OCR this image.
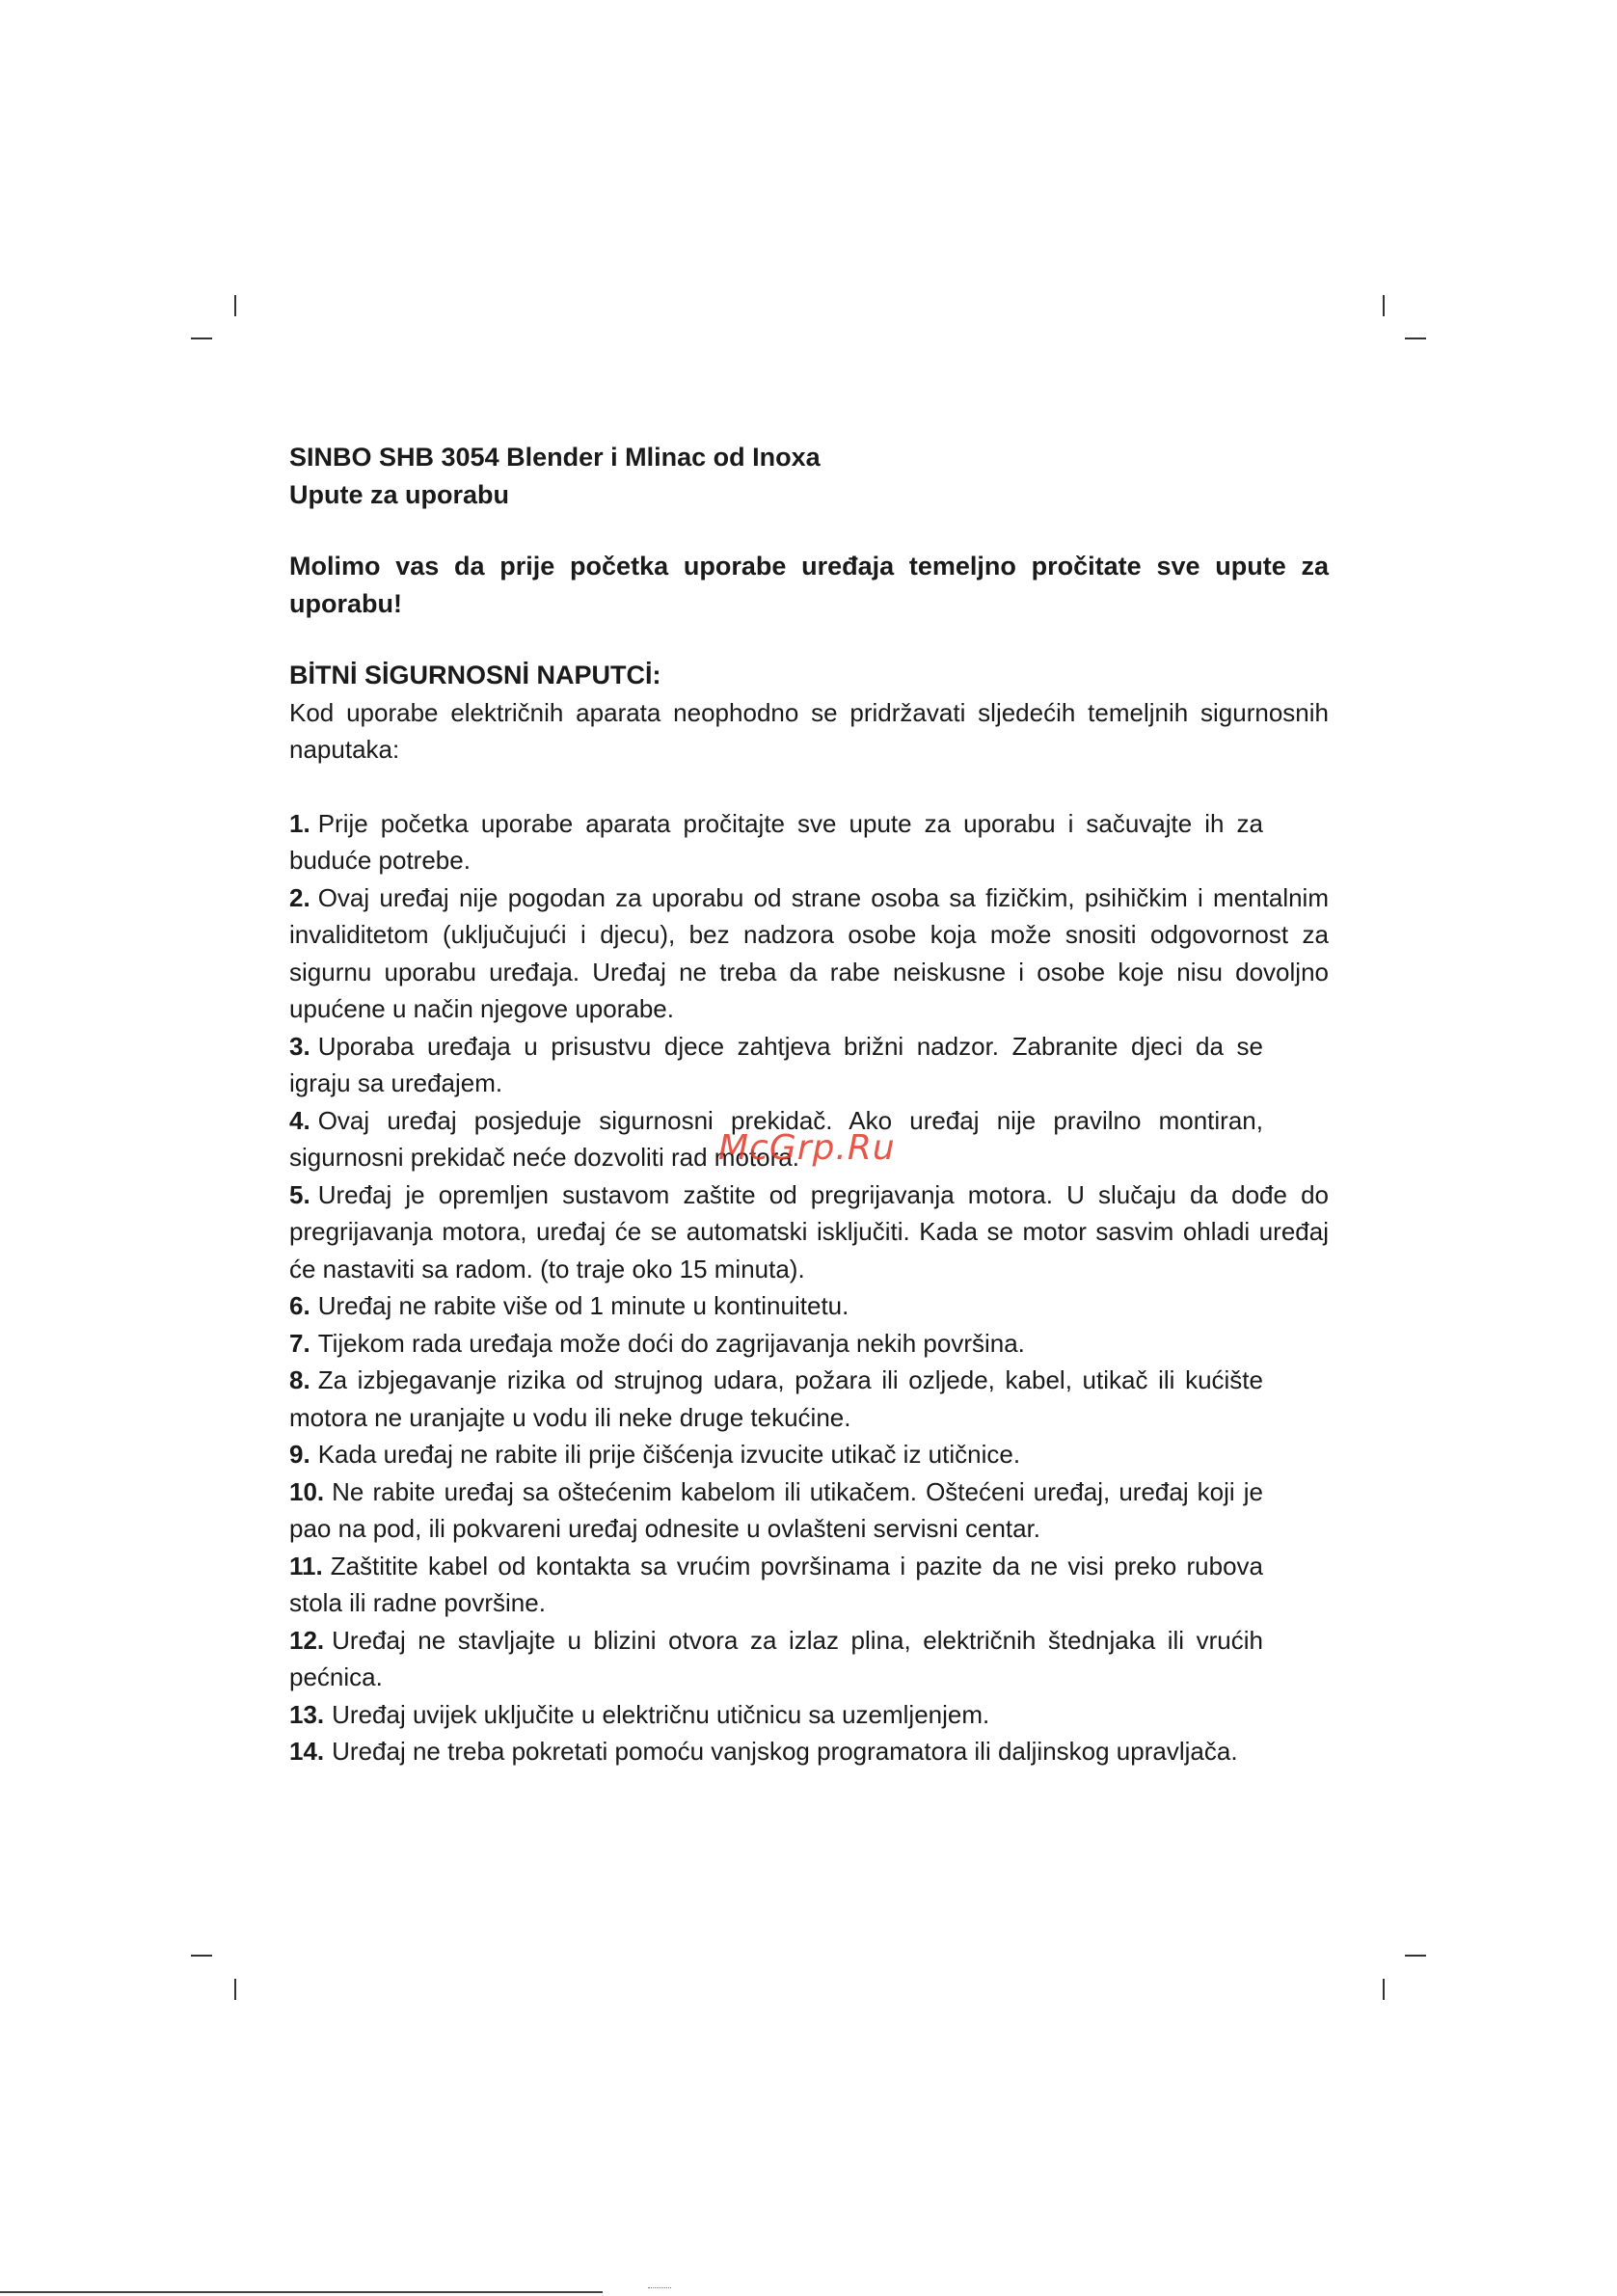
SINBO SHB 3054 Blender i Mlinac od Inoxa

Upute za uporabu

Molimo vas da prije početka uporabe uređaja temeljno pročitate sve upute za uporabu!

BİTNİ SİGURNOSNİ NAPUTCİ:

Kod uporabe električnih aparata neophodno se pridržavati sljedećih temeljnih sigurnosnih naputaka:

1. Prije početka uporabe aparata pročitajte sve upute za uporabu i sačuvajte ih za buduće potrebe.

2. Ovaj uređaj nije pogodan za uporabu od strane osoba sa fizičkim, psihičkim i mentalnim invaliditetom (uključujući i djecu), bez nadzora osobe koja može snositi odgovornost za sigurnu uporabu uređaja. Uređaj ne treba da rabe neiskusne i osobe koje nisu dovoljno upućene u način njegove uporabe.

3. Uporaba uređaja u prisustvu djece zahtjeva brižni nadzor. Zabranite djeci da se igraju sa uređajem.

4. Ovaj uređaj posjeduje sigurnosni prekidač. Ako uređaj nije pravilno montiran, sigurnosni prekidač neće dozvoliti rad motora.

5. Uređaj je opremljen sustavom zaštite od pregrijavanja motora. U slučaju da dođe do pregrijavanja motora, uređaj će se automatski isključiti. Kada se motor sasvim ohladi uređaj će nastaviti sa radom. (to traje oko 15 minuta).

6. Uređaj ne rabite više od 1 minute u kontinuitetu.

7. Tijekom rada uređaja može doći do zagrijavanja nekih površina.

8. Za izbjegavanje rizika od strujnog udara, požara ili ozljede, kabel, utikač ili kućište motora ne uranjajte u vodu ili neke druge tekućine.

9. Kada uređaj ne rabite ili prije čišćenja izvucite utikač iz utičnice.

10. Ne rabite uređaj sa oštećenim kabelom ili utikačem. Oštećeni uređaj, uređaj koji je pao na pod, ili pokvareni uređaj odnesite u ovlašteni servisni centar.

11. Zaštitite kabel od kontakta sa vrućim površinama i pazite da ne visi preko rubova stola ili radne površine.

12. Uređaj ne stavljajte u blizini otvora za izlaz plina, električnih štednjaka ili vrućih pećnica.

13. Uređaj uvijek uključite u električnu utičnicu sa uzemljenjem.

14. Uređaj ne treba pokretati pomoću vanjskog programatora ili daljinskog upravljača.

McGrp.Ru
